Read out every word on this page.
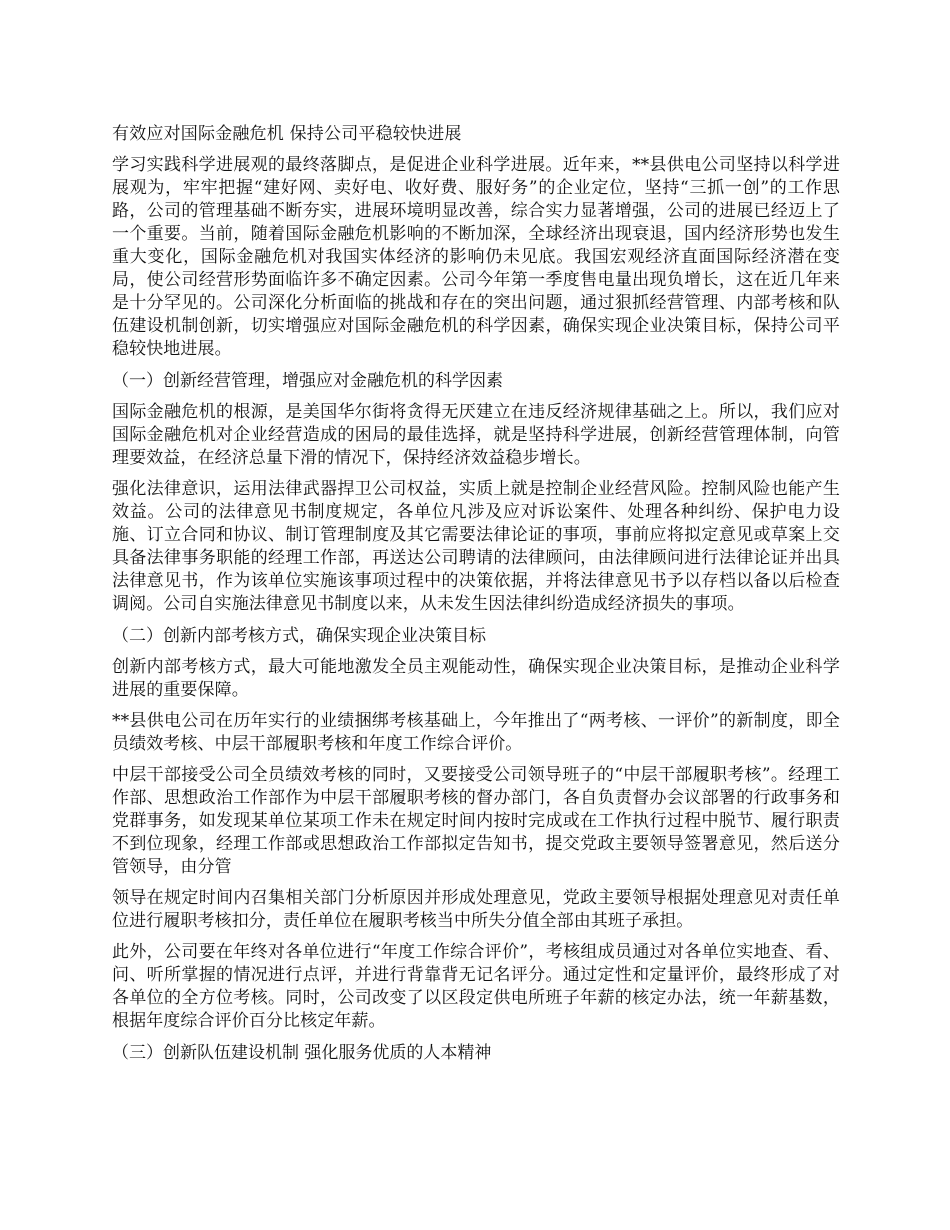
有效应对国际金融危机 保持公司平稳较快进展

学习实践科学进展观的最终落脚点，是促进企业科学进展。近年来，**县供电公司坚持以科学进展观为，牢牢把握“建好网、卖好电、收好费、服好务”的企业定位，坚持“三抓一创”的工作思路，公司的管理基础不断夯实，进展环境明显改善，综合实力显著增强，公司的进展已经迈上了一个重要。当前，随着国际金融危机影响的不断加深，全球经济出现衰退，国内经济形势也发生重大变化，国际金融危机对我国实体经济的影响仍未见底。我国宏观经济直面国际经济潜在变局，使公司经营形势面临许多不确定因素。公司今年第一季度售电量出现负增长，这在近几年来是十分罕见的。公司深化分析面临的挑战和存在的突出问题，通过狠抓经营管理、内部考核和队伍建设机制创新，切实增强应对国际金融危机的科学因素，确保实现企业决策目标，保持公司平稳较快地进展。

（一）创新经营管理，增强应对金融危机的科学因素

国际金融危机的根源，是美国华尔街将贪得无厌建立在违反经济规律基础之上。所以，我们应对国际金融危机对企业经营造成的困局的最佳选择，就是坚持科学进展，创新经营管理体制，向管理要效益，在经济总量下滑的情况下，保持经济效益稳步增长。

强化法律意识，运用法律武器捍卫公司权益，实质上就是控制企业经营风险。控制风险也能产生效益。公司的法律意见书制度规定，各单位凡涉及应对诉讼案件、处理各种纠纷、保护电力设施、订立合同和协议、制订管理制度及其它需要法律论证的事项，事前应将拟定意见或草案上交具备法律事务职能的经理工作部，再送达公司聘请的法律顾问，由法律顾问进行法律论证并出具法律意见书，作为该单位实施该事项过程中的决策依据，并将法律意见书予以存档以备以后检查调阅。公司自实施法律意见书制度以来，从未发生因法律纠纷造成经济损失的事项。

（二）创新内部考核方式，确保实现企业决策目标

创新内部考核方式，最大可能地激发全员主观能动性，确保实现企业决策目标，是推动企业科学进展的重要保障。

**县供电公司在历年实行的业绩捆绑考核基础上，今年推出了“两考核、一评价”的新制度，即全员绩效考核、中层干部履职考核和年度工作综合评价。

中层干部接受公司全员绩效考核的同时，又要接受公司领导班子的“中层干部履职考核”。经理工作部、思想政治工作部作为中层干部履职考核的督办部门，各自负责督办会议部署的行政事务和党群事务，如发现某单位某项工作未在规定时间内按时完成或在工作执行过程中脱节、履行职责不到位现象，经理工作部或思想政治工作部拟定告知书，提交党政主要领导签署意见，然后送分管领导，由分管

领导在规定时间内召集相关部门分析原因并形成处理意见，党政主要领导根据处理意见对责任单位进行履职考核扣分，责任单位在履职考核当中所失分值全部由其班子承担。

此外，公司要在年终对各单位进行“年度工作综合评价”，考核组成员通过对各单位实地查、看、问、听所掌握的情况进行点评，并进行背靠背无记名评分。通过定性和定量评价，最终形成了对各单位的全方位考核。同时，公司改变了以区段定供电所班子年薪的核定办法，统一年薪基数，根据年度综合评价百分比核定年薪。

（三）创新队伍建设机制 强化服务优质的人本精神
